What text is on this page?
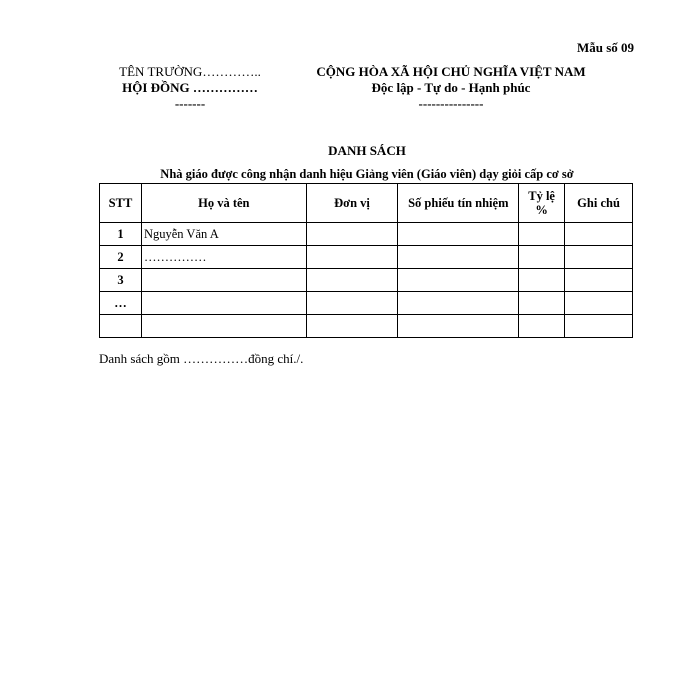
Mẫu số 09
TÊN TRƯỜNG…………..
HỘI ĐỒNG ……………
-------
CỘNG HÒA XÃ HỘI CHỦ NGHĨA VIỆT NAM
Độc lập - Tự do - Hạnh phúc
---------------
DANH SÁCH
Nhà giáo được công nhận danh hiệu Giảng viên (Giáo viên) dạy giỏi cấp cơ sở
STT	Họ và tên	Đơn vị	Số phiếu tín nhiệm	Tỷ lệ %	Ghi chú
1	Nguyễn Văn A				
2	……………				
3					
…					

Danh sách gồm ……………đồng chí./.
